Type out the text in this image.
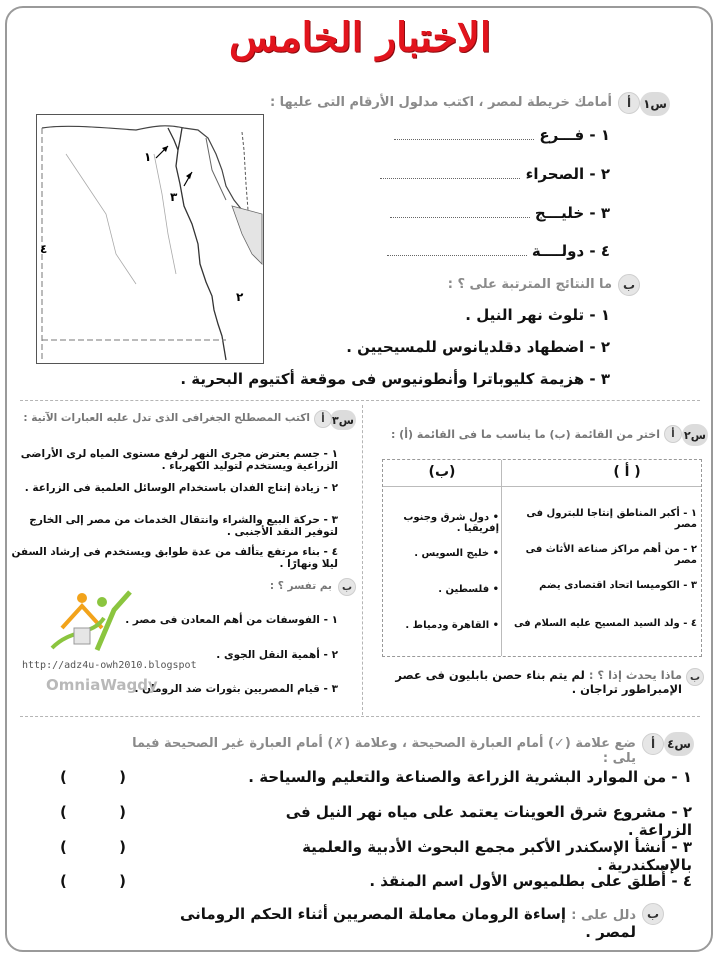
الاختبار الخامس
س١
أ
أمامك خريطة لمصر ، اكتب مدلول الأرقام التى عليها :
١
٢
٣
٤
١ - فـــرع
٢ - الصحراء
٣ - خليـــج
٤ - دولــــة
ب
ما النتائج المترتبة على ؟ :
١ - تلوث نهر النيل .
٢ - اضطهاد دقلديانوس للمسيحيين .
٣ - هزيمة كليوباترا وأنطونيوس فى موقعة أكتيوم البحرية .
س٣
أ
اكتب المصطلح الجغرافى الذى تدل عليه العبارات الآتية :
١ - جسم يعترض مجرى النهر لرفع مستوى المياه لرى الأراضى الزراعية ويستخدم لتوليد الكهرباء .
٢ - زيادة إنتاج الفدان باستخدام الوسائل العلمية فى الزراعة .
٣ - حركة البيع والشراء وانتقال الخدمات من مصر إلى الخارج لتوفير النقد الأجنبى .
٤ - بناء مرتفع يتألف من عدة طوابق ويستخدم فى إرشاد السفن ليلا ونهارًا .
ب
بم تفسر ؟ :
١ - الفوسفات من أهم المعادن فى مصر .
٢ - أهمية النقل الجوى .
٣ - قيام المصريين بثورات ضد الرومان .
http://adz4u-owh2010.blogspot
OmniaWagdy
س٢
أ
اختر من القائمة (ب) ما يناسب ما فى القائمة (أ) :
( أ )
(ب)
١ - أكبر المناطق إنتاجا للبترول فى مصر
٢ - من أهم مراكز صناعة الأثاث فى مصر
٣ - الكوميسا اتحاد اقتصادى يضم
٤ - ولد السيد المسيح عليه السلام فى
• دول شرق وجنوب إفريقيا .
• خليج السويس .
• فلسطين .
• القاهرة ودمياط .
ب
ماذا يحدث إذا ؟ : لم يتم بناء حصن بابليون فى عصر الإمبراطور تراجان .
س٤
أ
ضع علامة (✓) أمام العبارة الصحيحة ، وعلامة (✗) أمام العبارة غير الصحيحة فيما يلى :
١ - من الموارد البشرية الزراعة والصناعة والتعليم والسياحة .
(          )
٢ - مشروع شرق العوينات يعتمد على مياه نهر النيل فى الزراعة .
(          )
٣ - أنشأ الإسكندر الأكبر مجمع البحوث الأدبية والعلمية بالإسكندرية .
(          )
٤ - أُطلق على بطلميوس الأول اسم المنقذ .
(          )
ب
دلل على : إساءة الرومان معاملة المصريين أثناء الحكم الرومانى لمصر .
